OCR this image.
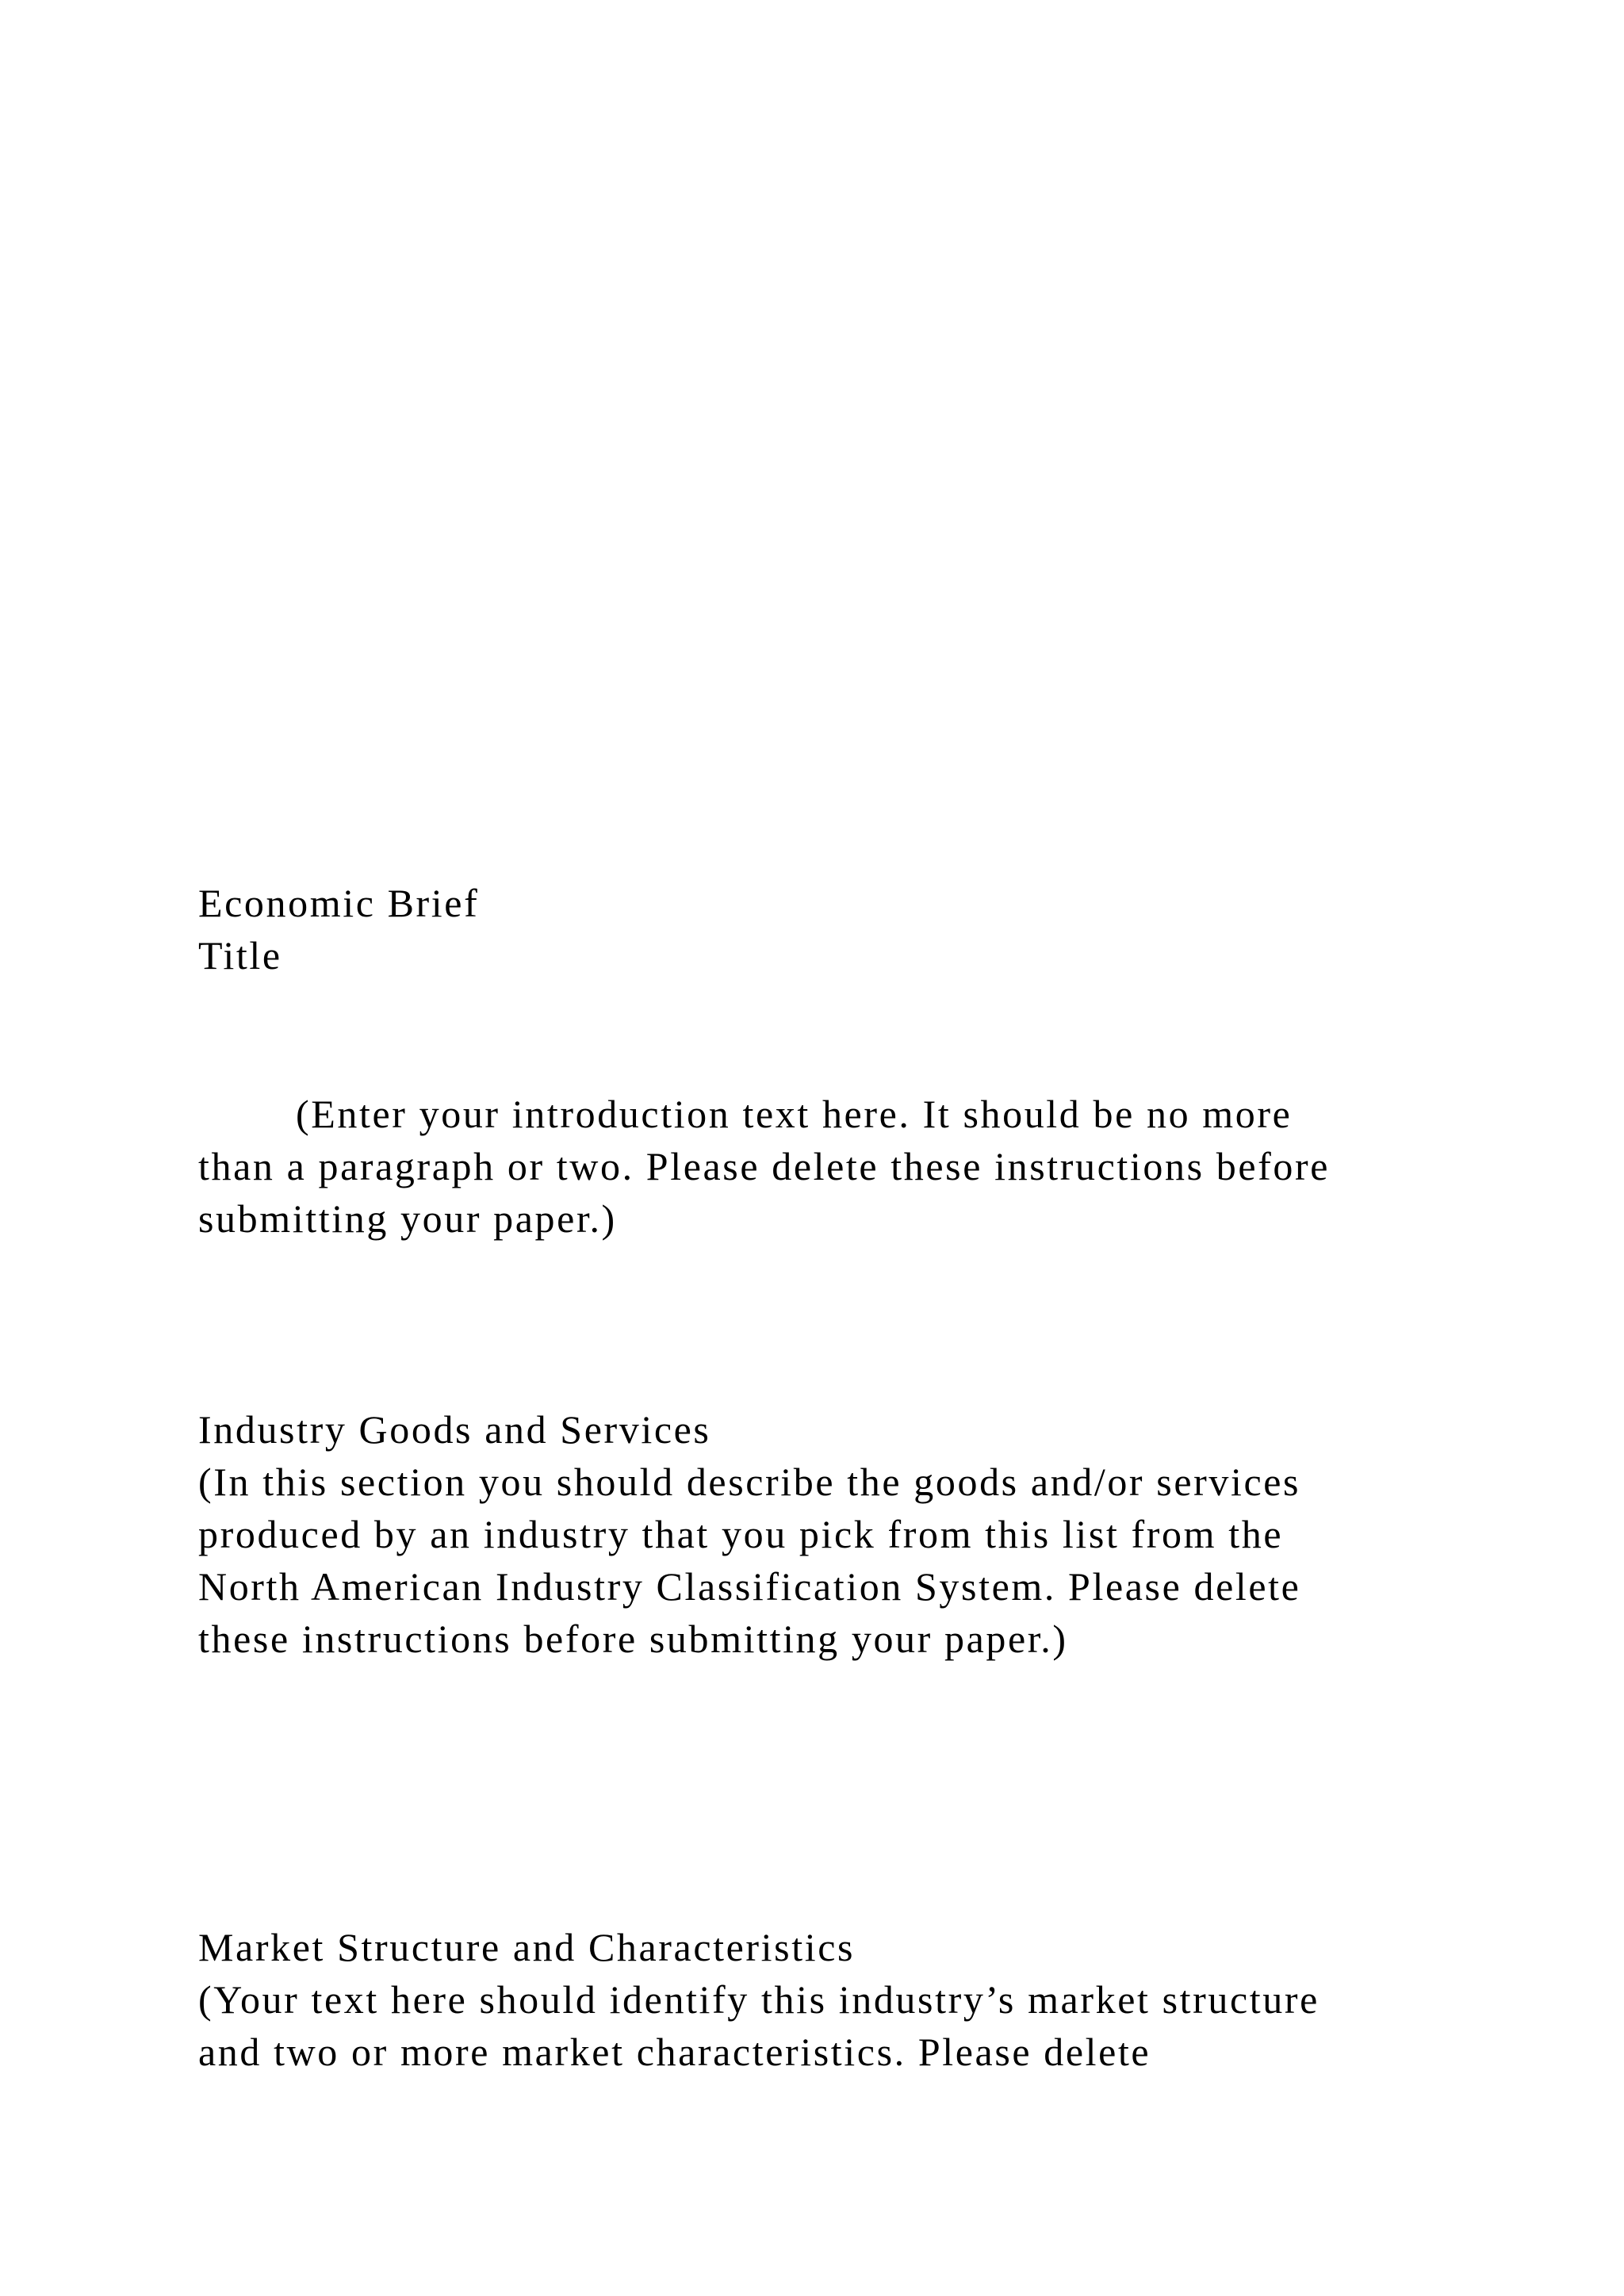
Economic Brief

Title

(Enter your introduction text here. It should be no more

than a paragraph or two. Please delete these instructions before

submitting your paper.)

Industry Goods and Services

(In this section you should describe the goods and/or services

produced by an industry that you pick from this list from the

North American Industry Classification System. Please delete

these instructions before submitting your paper.)

Market Structure and Characteristics

(Your text here should identify this industry’s market structure

and two or more market characteristics. Please delete
